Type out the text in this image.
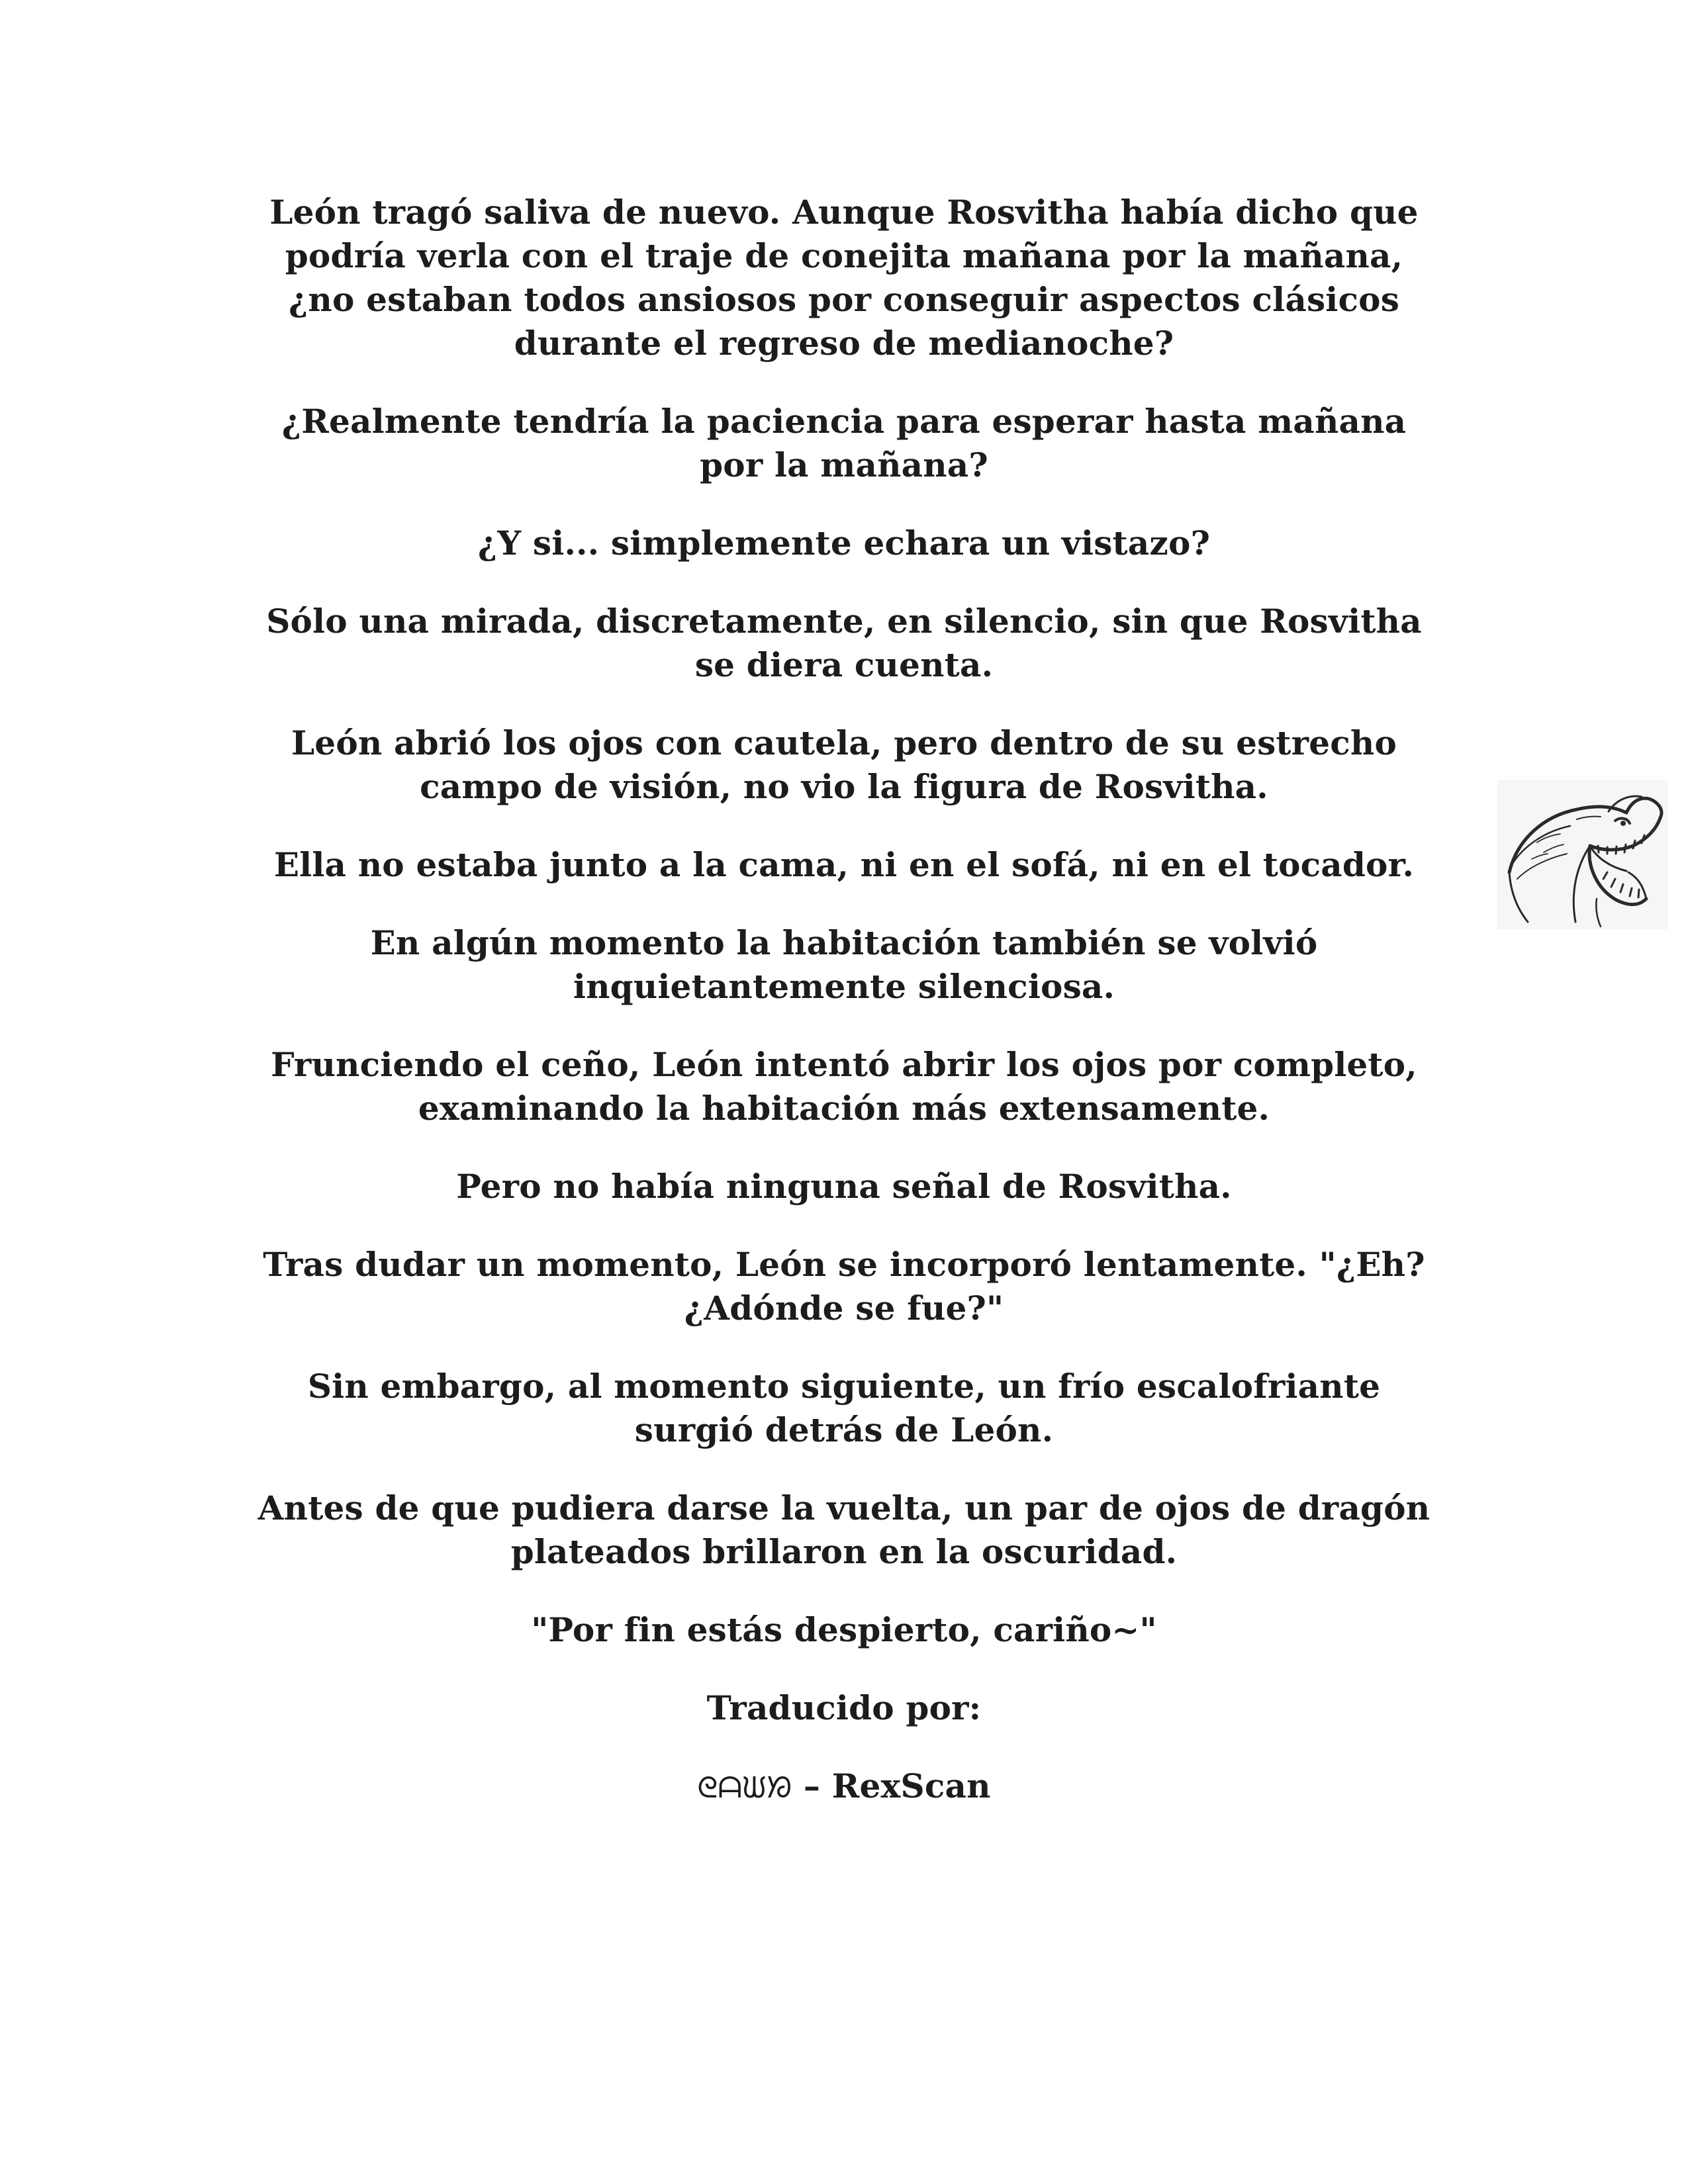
León tragó saliva de nuevo. Aunque Rosvitha había dicho que
podría verla con el traje de conejita mañana por la mañana,
¿no estaban todos ansiosos por conseguir aspectos clásicos
durante el regreso de medianoche?

¿Realmente tendría la paciencia para esperar hasta mañana
por la mañana?

¿Y si... simplemente echara un vistazo?

Sólo una mirada, discretamente, en silencio, sin que Rosvitha
se diera cuenta.

León abrió los ojos con cautela, pero dentro de su estrecho
campo de visión, no vio la figura de Rosvitha.

Ella no estaba junto a la cama, ni en el sofá, ni en el tocador.

En algún momento la habitación también se volvió
inquietantemente silenciosa.

Frunciendo el ceño, León intentó abrir los ojos por completo,
examinando la habitación más extensamente.

Pero no había ninguna señal de Rosvitha.

Tras dudar un momento, León se incorporó lentamente. "¿Eh?
¿Adónde se fue?"

Sin embargo, al momento siguiente, un frío escalofriante
surgió detrás de León.

Antes de que pudiera darse la vuelta, un par de ojos de dragón
plateados brillaron en la oscuridad.

"Por fin estás despierto, cariño~"

Traducido por:

ᘓᗩᙎᘞ – RexScan
